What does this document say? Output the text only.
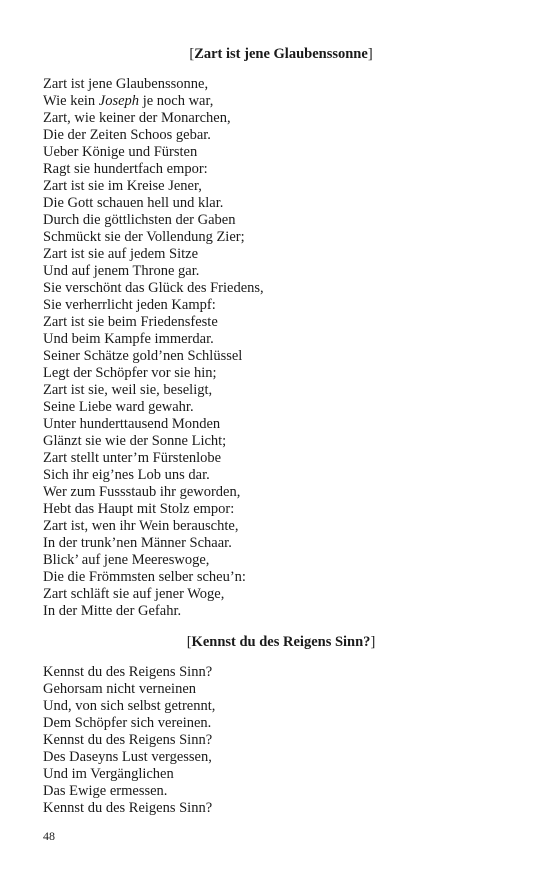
[Zart ist jene Glaubenssonne]
Zart ist jene Glaubenssonne,
Wie kein Joseph je noch war,
Zart, wie keiner der Monarchen,
Die der Zeiten Schoos gebar.
Ueber Könige und Fürsten
Ragt sie hundertfach empor:
Zart ist sie im Kreise Jener,
Die Gott schauen hell und klar.
Durch die göttlichsten der Gaben
Schmückt sie der Vollendung Zier;
Zart ist sie auf jedem Sitze
Und auf jenem Throne gar.
Sie verschönt das Glück des Friedens,
Sie verherrlicht jeden Kampf:
Zart ist sie beim Friedensfeste
Und beim Kampfe immerdar.
Seiner Schätze gold’nen Schlüssel
Legt der Schöpfer vor sie hin;
Zart ist sie, weil sie, beseligt,
Seine Liebe ward gewahr.
Unter hunderttausend Monden
Glänzt sie wie der Sonne Licht;
Zart stellt unter’m Fürstenlobe
Sich ihr eig’nes Lob uns dar.
Wer zum Fussstaub ihr geworden,
Hebt das Haupt mit Stolz empor:
Zart ist, wen ihr Wein berauschte,
In der trunk’nen Männer Schaar.
Blick’ auf jene Meereswoge,
Die die Frömmsten selber scheu’n:
Zart schläft sie auf jener Woge,
In der Mitte der Gefahr.
[Kennst du des Reigens Sinn?]
Kennst du des Reigens Sinn?
Gehorsam nicht verneinen
Und, von sich selbst getrennt,
Dem Schöpfer sich vereinen.
Kennst du des Reigens Sinn?
Des Daseyns Lust vergessen,
Und im Vergänglichen
Das Ewige ermessen.
Kennst du des Reigens Sinn?
48
